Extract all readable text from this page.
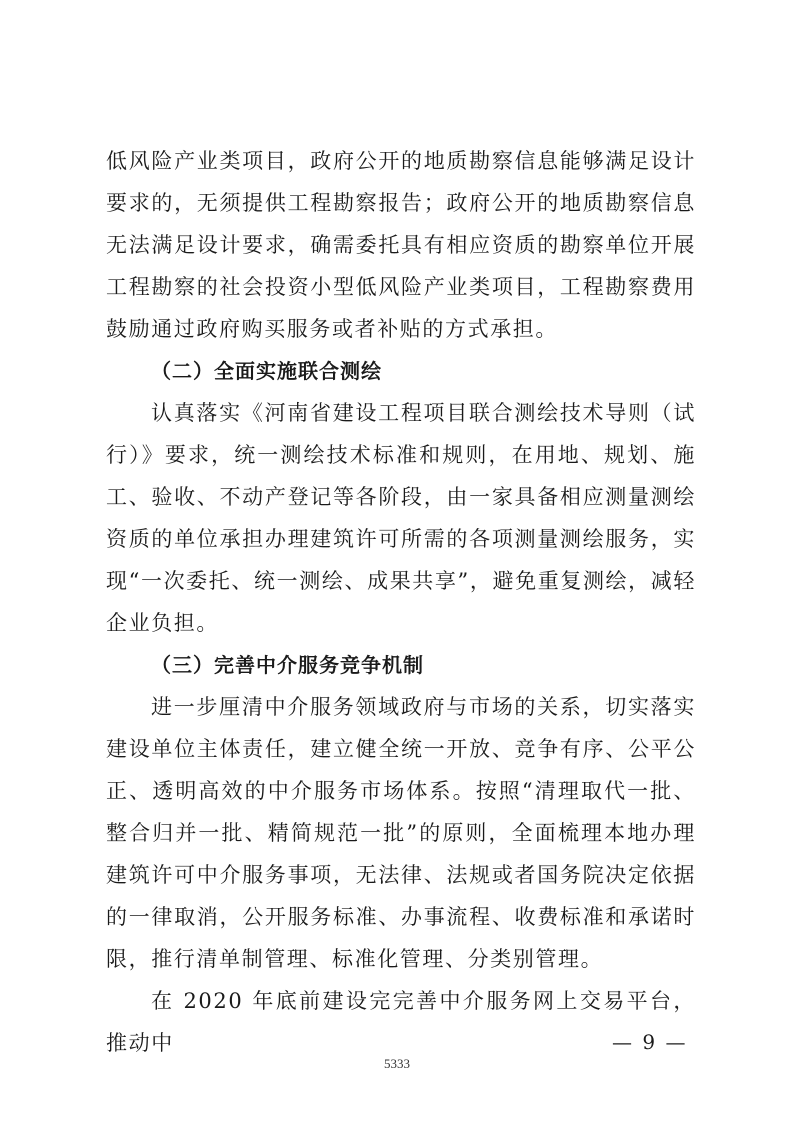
低风险产业类项目，政府公开的地质勘察信息能够满足设计要求的，无须提供工程勘察报告；政府公开的地质勘察信息无法满足设计要求，确需委托具有相应资质的勘察单位开展工程勘察的社会投资小型低风险产业类项目，工程勘察费用鼓励通过政府购买服务或者补贴的方式承担。

（二）全面实施联合测绘

认真落实《河南省建设工程项目联合测绘技术导则（试行）》要求，统一测绘技术标准和规则，在用地、规划、施工、验收、不动产登记等各阶段，由一家具备相应测量测绘资质的单位承担办理建筑许可所需的各项测量测绘服务，实现“一次委托、统一测绘、成果共享”，避免重复测绘，减轻企业负担。

（三）完善中介服务竞争机制

进一步厘清中介服务领域政府与市场的关系，切实落实建设单位主体责任，建立健全统一开放、竞争有序、公平公正、透明高效的中介服务市场体系。按照“清理取代一批、整合归并一批、精简规范一批”的原则，全面梳理本地办理建筑许可中介服务事项，无法律、法规或者国务院决定依据的一律取消，公开服务标准、办事流程、收费标准和承诺时限，推行清单制管理、标准化管理、分类别管理。

在 2020 年底前建设完完善中介服务网上交易平台，推动中	— 9 —
5333
